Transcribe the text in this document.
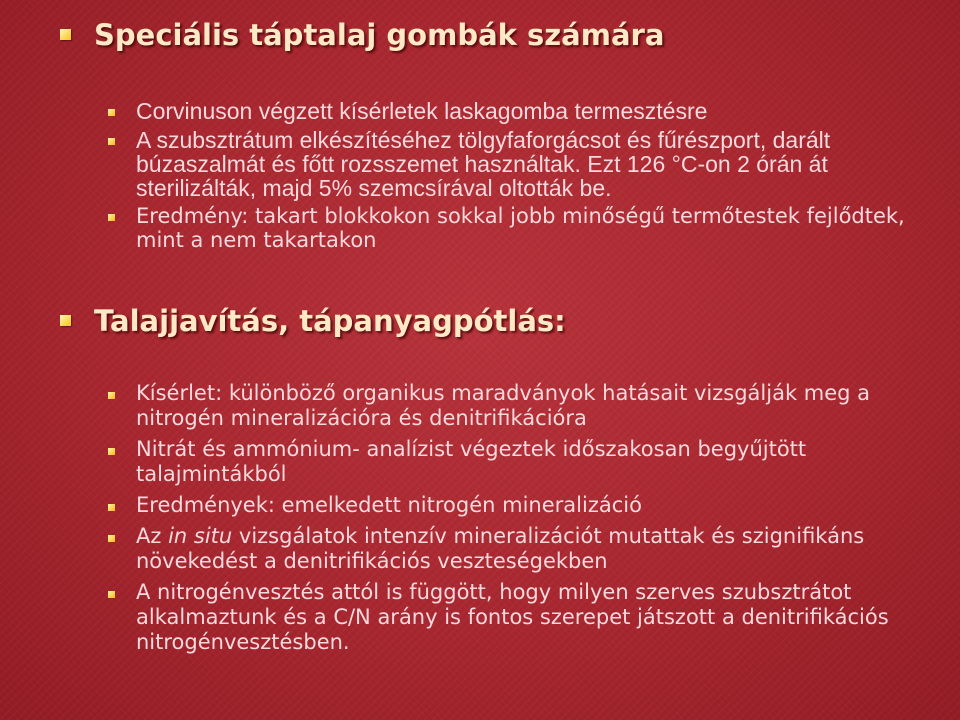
Speciális táptalaj gombák számára
Corvinuson végzett kísérletek laskagomba termesztésre
A szubsztrátum elkészítéséhez tölgyfaforgácsot és fűrészport, darált búzaszalmát és főtt rozsszemet használtak. Ezt 126 °C-on 2 órán át sterilizálták, majd 5% szemcsírával oltották be.
Eredmény: takart blokkokon sokkal jobb minőségű termőtestek fejlődtek, mint a nem takartakon
Talajjavítás, tápanyagpótlás:
Kísérlet: különböző organikus maradványok hatásait vizsgálják meg a nitrogén mineralizációra és denitrifikációra
Nitrát és ammónium- analízist végeztek időszakosan begyűjtött talajmintákból
Eredmények: emelkedett nitrogén mineralizáció
Az in situ vizsgálatok intenzív mineralizációt mutattak és szignifikáns növekedést a denitrifikációs veszteségekben
A nitrogénvesztés attól is függött, hogy milyen szerves szubsztrátot alkalmaztunk és a C/N arány is fontos szerepet játszott a denitrifikációs nitrogénvesztésben.
